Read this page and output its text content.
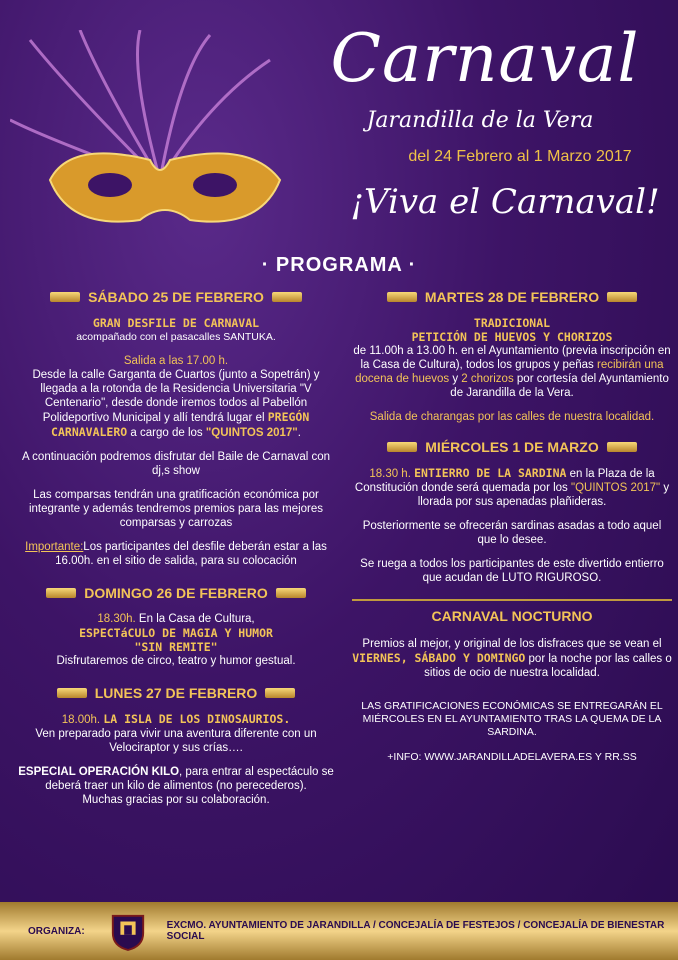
Carnaval
Jarandilla de la Vera
del 24 Febrero al 1 Marzo 2017
¡Viva el Carnaval!
· PROGRAMA ·
SÁBADO 25 DE FEBRERO
GRAN DESFILE DE CARNAVAL

acompañado con el pasacalles SANTUKA.

Salida a las 17.00 h.

Desde la calle Garganta de Cuartos (junto a Sopetrán) y llegada a la rotonda de la Residencia Universitaria "V Centenario", desde donde iremos todos al Pabellón Polideportivo Municipal y allí tendrá lugar el PREGÓN CARNAVALERO a cargo de los "QUINTOS 2017".

A continuación podremos disfrutar del Baile de Carnaval con dj,s show

Las comparsas tendrán una gratificación económica por integrante y además tendremos premios para las mejores comparsas y carrozas

Importante:Los participantes del desfile deberán estar a las 16.00h. en el sitio de salida, para su colocación

DOMINGO 26 DE FEBRERO
18.30h. En la Casa de Cultura,
ESPECTáCULO DE MAGIA Y HUMOR
"SIN REMITE"

Disfrutaremos de circo, teatro y humor gestual.

LUNES 27 DE FEBRERO
18.00h. LA ISLA DE LOS DINOSAURIOS.

Ven preparado para vivir una aventura diferente con un Velociraptor y sus crías….

ESPECIAL OPERACIÓN KILO, para entrar al espectáculo se deberá traer un kilo de alimentos (no perecederos).
Muchas gracias por su colaboración.
MARTES 28 DE FEBRERO
TRADICIONAL
PETICIÓN DE HUEVOS Y CHORIZOS

de 11.00h a 13.00 h. en el Ayuntamiento (previa inscripción en la Casa de Cultura), todos los grupos y peñas recibirán una docena de huevos y 2 chorizos por cortesía del Ayuntamiento de Jarandilla de la Vera.

Salida de charangas por las calles de nuestra localidad.

MIÉRCOLES 1 DE MARZO

18.30 h. ENTIERRO DE LA SARDINA en la Plaza de la Constitución donde será quemada por los "QUINTOS 2017" y llorada por sus apenadas plañideras.

Posteriormente se ofrecerán sardinas asadas a todo aquel que lo desee.

Se ruega a todos los participantes de este divertido entierro que acudan de LUTO RIGUROSO.

CARNAVAL NOCTURNO

Premios al mejor, y original de los disfraces que se vean el VIERNES, SÁBADO Y DOMINGO por la noche por las calles o sitios de ocio de nuestra localidad.

LAS GRATIFICACIONES ECONÓMICAS SE ENTREGARÁN EL MIÉRCOLES EN EL AYUNTAMIENTO TRAS LA QUEMA DE LA SARDINA.

+INFO: WWW.JARANDILLADELAVERA.ES Y RR.SS

ORGANIZA:	EXCMO. AYUNTAMIENTO DE JARANDILLA / CONCEJALÍA DE FESTEJOS / CONCEJALÍA DE BIENESTAR SOCIAL
